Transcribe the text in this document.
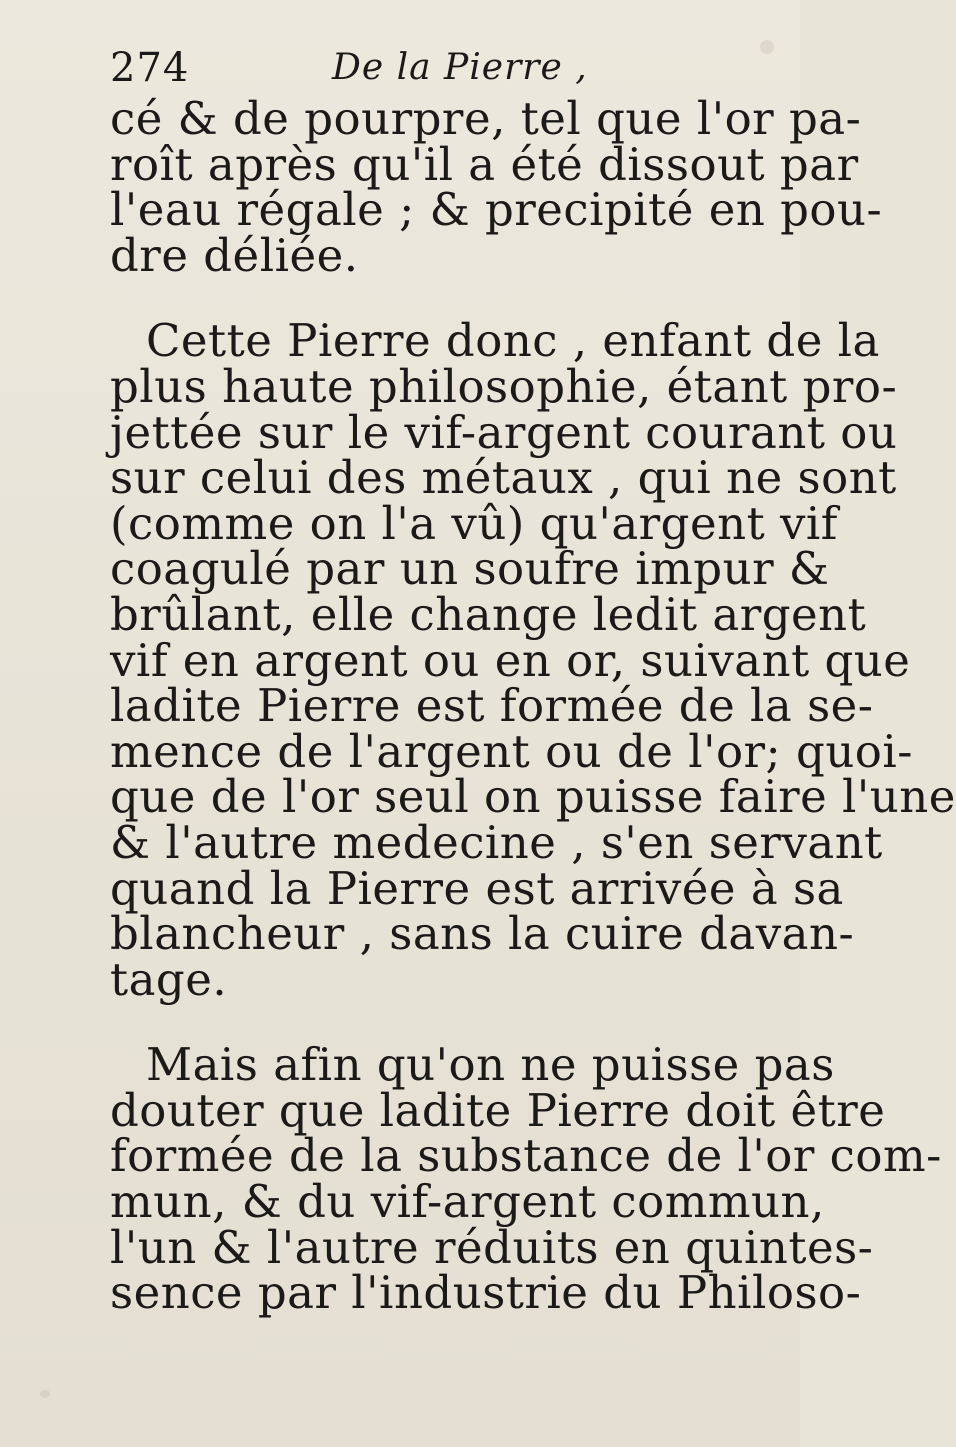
274	De la Pierre ,
cé & de pourpre, tel que l'or pa-
roît après qu'il a été dissout par
l'eau régale ; & precipité en pou-
dre déliée.
Cette Pierre donc , enfant de la
plus haute philosophie, étant pro-
jettée sur le vif-argent courant ou
sur celui des métaux , qui ne sont
(comme on l'a vû) qu'argent vif
coagulé par un soufre impur &
brûlant, elle change ledit argent
vif en argent ou en or, suivant que
ladite Pierre est formée de la se-
mence de l'argent ou de l'or; quoi-
que de l'or seul on puisse faire l'une
& l'autre medecine , s'en servant
quand la Pierre est arrivée à sa
blancheur , sans la cuire davan-
tage.
Mais afin qu'on ne puisse pas
douter que ladite Pierre doit être
formée de la substance de l'or com-
mun, & du vif-argent commun,
l'un & l'autre réduits en quintes-
sence par l'industrie du Philoso-
